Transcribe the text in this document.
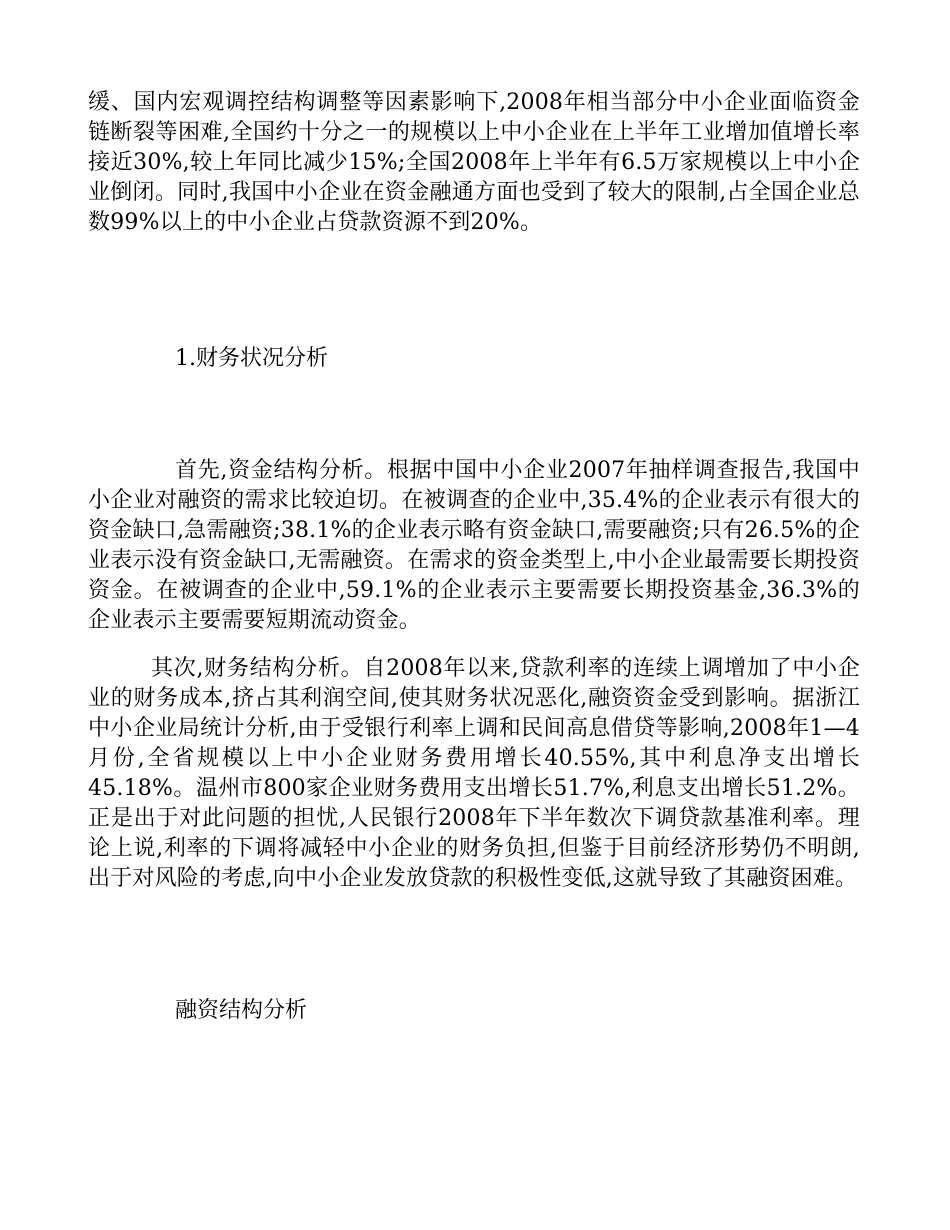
缓、国内宏观调控结构调整等因素影响下,2008年相当部分中小企业面临资金链断裂等困难,全国约十分之一的规模以上中小企业在上半年工业增加值增长率接近30%,较上年同比减少15%;全国2008年上半年有6.5万家规模以上中小企业倒闭。同时,我国中小企业在资金融通方面也受到了较大的限制,占全国企业总数99%以上的中小企业占贷款资源不到20%。

1.财务状况分析

首先,资金结构分析。根据中国中小企业2007年抽样调查报告,我国中小企业对融资的需求比较迫切。在被调查的企业中,35.4%的企业表示有很大的资金缺口,急需融资;38.1%的企业表示略有资金缺口,需要融资;只有26.5%的企业表示没有资金缺口,无需融资。在需求的资金类型上,中小企业最需要长期投资资金。在被调查的企业中,59.1%的企业表示主要需要长期投资基金,36.3%的企业表示主要需要短期流动资金。

其次,财务结构分析。自2008年以来,贷款利率的连续上调增加了中小企业的财务成本,挤占其利润空间,使其财务状况恶化,融资资金受到影响。据浙江中小企业局统计分析,由于受银行利率上调和民间高息借贷等影响,2008年1—4月份,全省规模以上中小企业财务费用增长40.55%,其中利息净支出增长45.18%。温州市800家企业财务费用支出增长51.7%,利息支出增长51.2%。正是出于对此问题的担忧,人民银行2008年下半年数次下调贷款基准利率。理论上说,利率的下调将减轻中小企业的财务负担,但鉴于目前经济形势仍不明朗,出于对风险的考虑,向中小企业发放贷款的积极性变低,这就导致了其融资困难。

融资结构分析
